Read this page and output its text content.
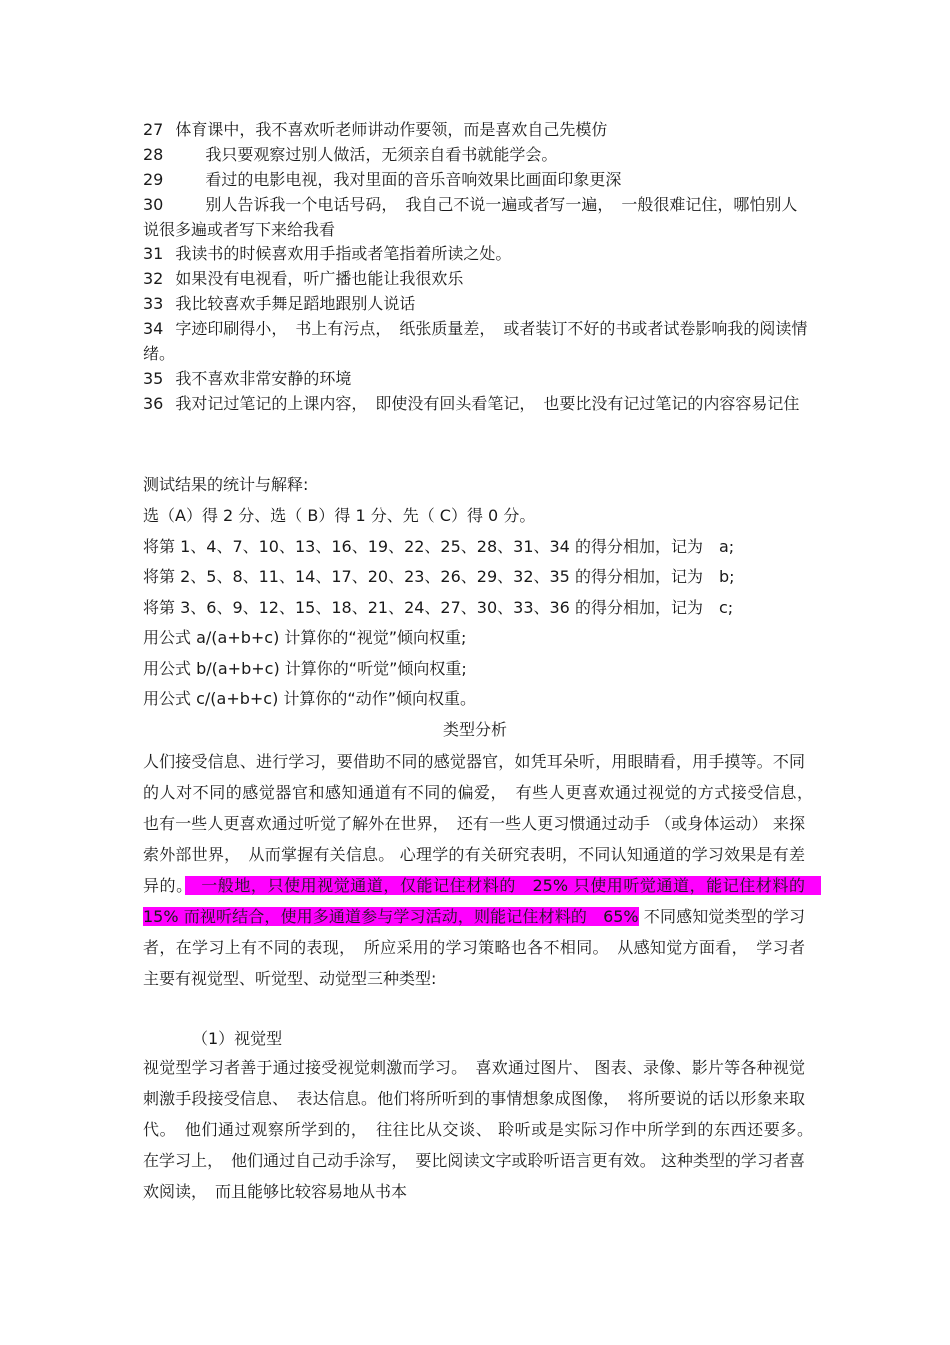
27 体育课中，我不喜欢听老师讲动作要领，而是喜欢自己先模仿
28	我只要观察过别人做活，无须亲自看书就能学会。
29	看过的电影电视，我对里面的音乐音响效果比画面印象更深
30	别人告诉我一个电话号码，　我自己不说一遍或者写一遍，　一般很难记住，哪怕别人说很多遍或者写下来给我看
31 我读书的时候喜欢用手指或者笔指着所读之处。
32 如果没有电视看，听广播也能让我很欢乐
33 我比较喜欢手舞足蹈地跟别人说话
34 字迹印刷得小，　书上有污点，　纸张质量差，　或者装订不好的书或者试卷影响我的阅读情绪。
35 我不喜欢非常安静的环境
36 我对记过笔记的上课内容，　即使没有回头看笔记，　也要比没有记过笔记的内容容易记住
测试结果的统计与解释:
选（A）得 2 分、选（ B）得 1 分、先（ C）得 0 分。
将第 1、4、7、10、13、16、19、22、25、28、31、34 的得分相加，记为　a;
将第 2、5、8、11、14、17、20、23、26、29、32、35 的得分相加，记为　b;
将第 3、6、9、12、15、18、21、24、27、30、33、36 的得分相加，记为　c;
用公式 a/(a+b+c) 计算你的“视觉”倾向权重;
用公式 b/(a+b+c) 计算你的“听觉”倾向权重;
用公式 c/(a+b+c) 计算你的“动作”倾向权重。
类型分析
人们接受信息、进行学习，要借助不同的感觉器官，如凭耳朵听，用眼睛看，用手摸等。不同的人对不同的感觉器官和感知通道有不同的偏爱，　有些人更喜欢通过视觉的方式接受信息，　也有一些人更喜欢通过听觉了解外在世界，　还有一些人更习惯通过动手 （或身体运动） 来探索外部世界，　从而掌握有关信息。 心理学的有关研究表明，不同认知通道的学习效果是有差异的。　一般地，只使用视觉通道，仅能记住材料的　25% 只使用听觉通道，能记住材料的　15% 而视听结合，使用多通道参与学习活动，则能记住材料的　65% 不同感知觉类型的学习者，在学习上有不同的表现，　所应采用的学习策略也各不相同。　从感知觉方面看，　学习者主要有视觉型、听觉型、动觉型三种类型:
（1）视觉型
视觉型学习者善于通过接受视觉刺激而学习。　喜欢通过图片、 图表、录像、影片等各种视觉刺激手段接受信息、　表达信息。他们将所听到的事情想象成图像，　将所要说的话以形象来取代。　他们通过观察所学到的，　往往比从交谈、 聆听或是实际习作中所学到的东西还要多。　在学习上，　他们通过自己动手涂写，　要比阅读文字或聆听语言更有效。 这种类型的学习者喜欢阅读，　而且能够比较容易地从书本
